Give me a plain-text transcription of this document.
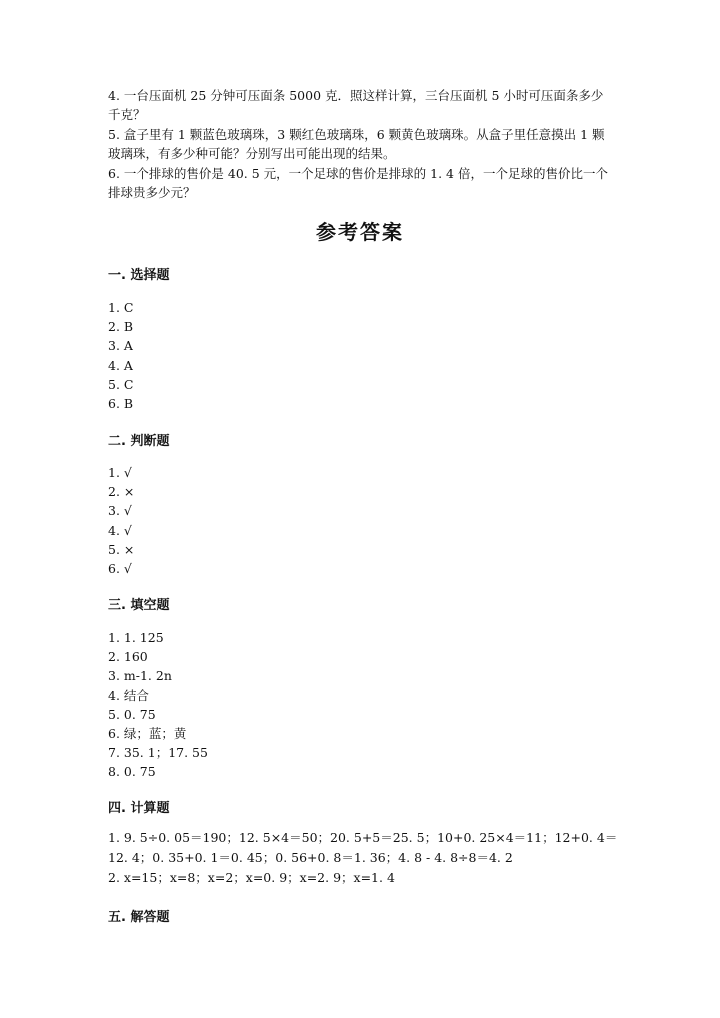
4. 一台压面机 25 分钟可压面条 5000 克．照这样计算，三台压面机 5 小时可压面条多少千克？

5. 盒子里有 1 颗蓝色玻璃珠，3 颗红色玻璃珠，6 颗黄色玻璃珠。从盒子里任意摸出 1 颗玻璃珠，有多少种可能？分别写出可能出现的结果。

6. 一个排球的售价是 40. 5 元，一个足球的售价是排球的 1. 4 倍，一个足球的售价比一个排球贵多少元？

参考答案
一. 选择题
1. C
2. B
3. A
4. A
5. C
6. B
二. 判断题
1. √
2. ×
3. √
4. √
5. ×
6. √
三. 填空题
1. 1. 125
2. 160
3. m-1. 2n
4. 结合
5. 0. 75
6. 绿；蓝；黄
7. 35. 1；17. 55
8. 0. 75
四. 计算题

1. 9. 5÷0. 05＝190；12. 5×4＝50；20. 5+5＝25. 5；10+0. 25×4＝11；12+0. 4＝12. 4；0. 35+0. 1＝0. 45；0. 56+0. 8＝1. 36；4. 8 - 4. 8÷8＝4. 2

2. x=15；x=8；x=2；x=0. 9；x=2. 9；x=1. 4

五. 解答题
